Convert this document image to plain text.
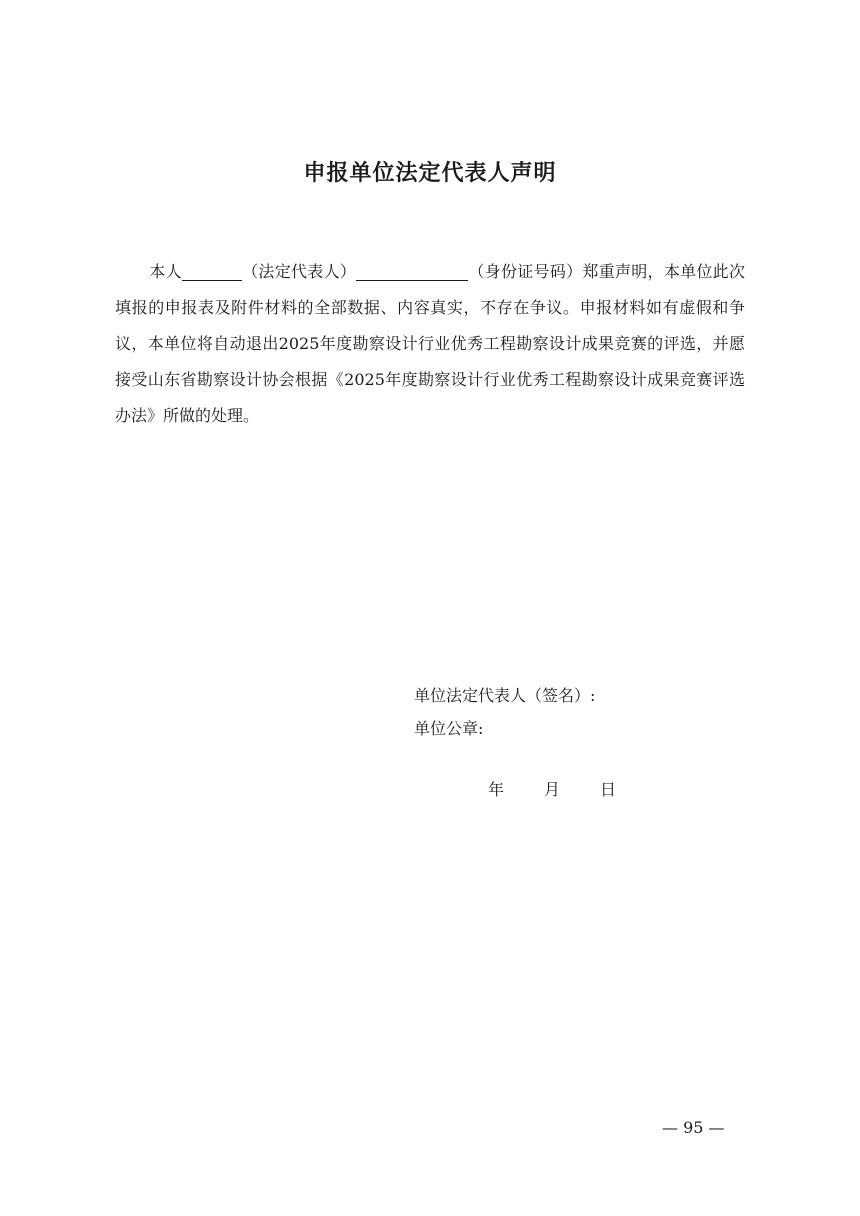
申报单位法定代表人声明
本人	（法定代表人）	（身份证号码）郑重声明，本单位此次填报的申报表及附件材料的全部数据、内容真实，不存在争议。申报材料如有虚假和争议，本单位将自动退出2025年度勘察设计行业优秀工程勘察设计成果竞赛的评选，并愿接受山东省勘察设计协会根据《2025年度勘察设计行业优秀工程勘察设计成果竞赛评选办法》所做的处理。
单位法定代表人（签名）:
单位公章:
年	月	日
— 95 —
